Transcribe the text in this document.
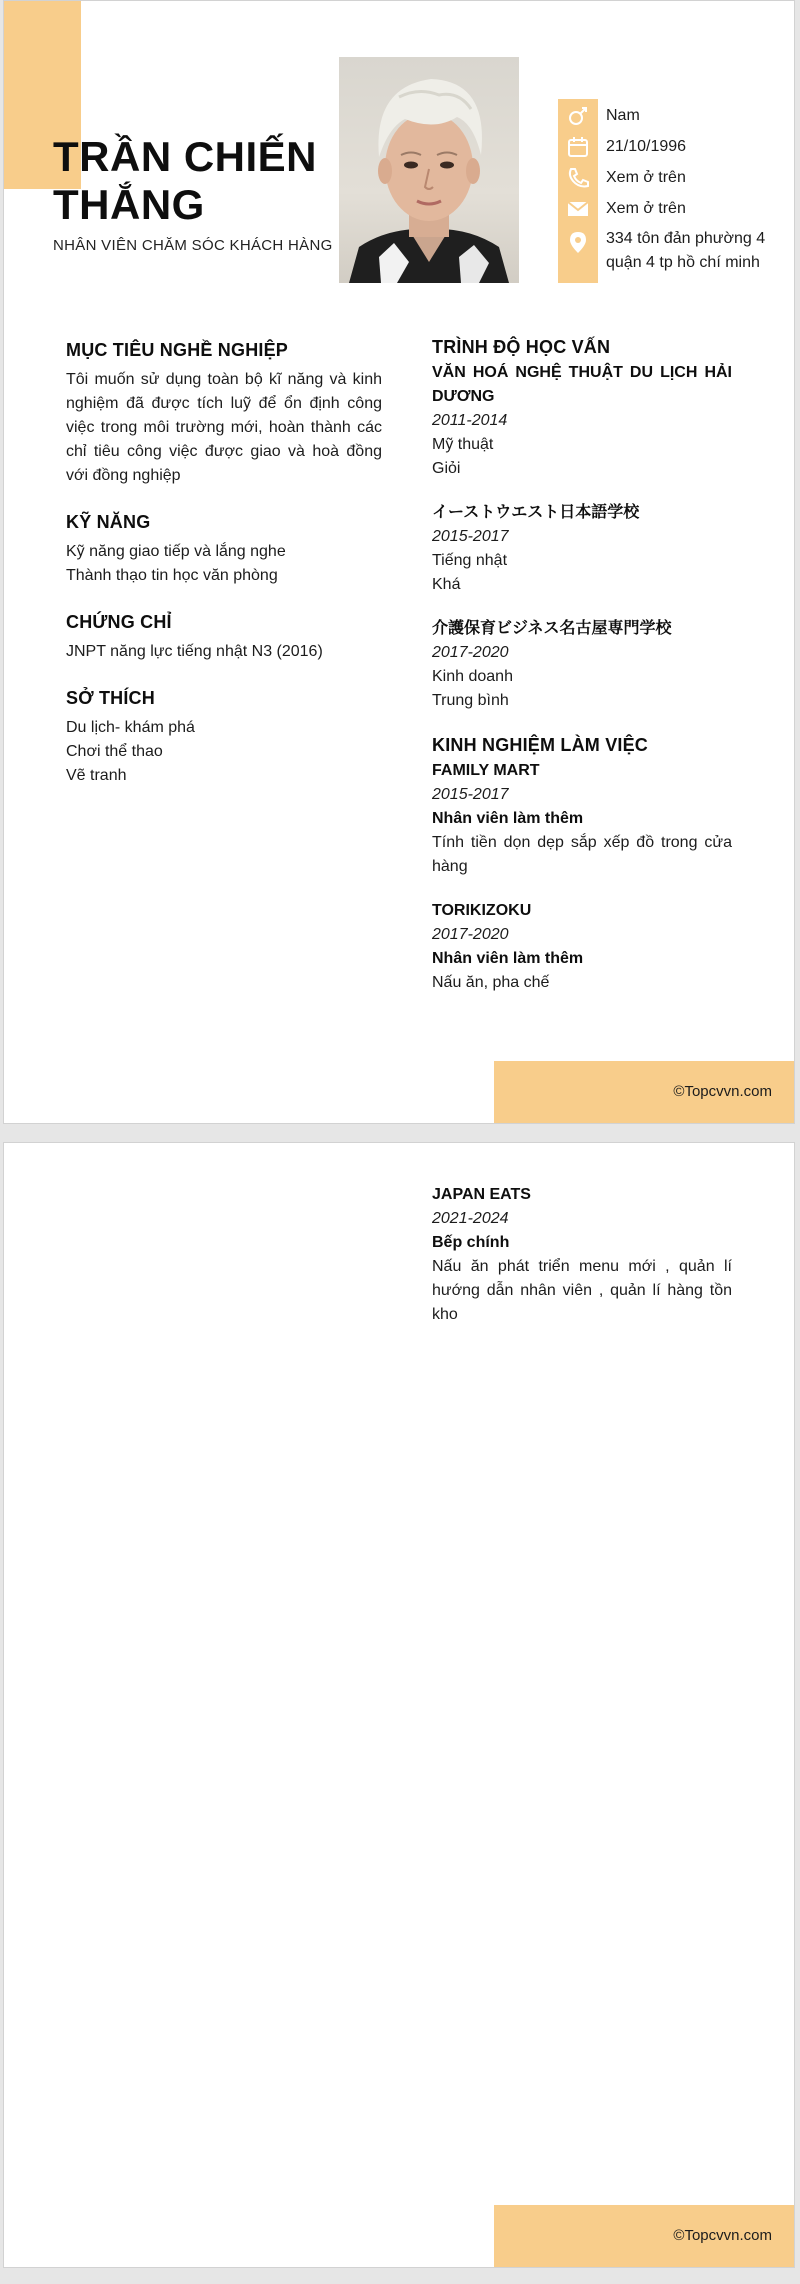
TRẦN CHIẾN THẮNG
NHÂN VIÊN CHĂM SÓC KHÁCH HÀNG
Nam
21/10/1996
Xem ở trên
Xem ở trên
334 tôn đản phường 4 quận 4 tp hồ chí minh
MỤC TIÊU NGHỀ NGHIỆP

Tôi muốn sử dụng toàn bộ kĩ năng và kinh nghiệm đã được tích luỹ để ổn định công việc trong môi trường mới, hoàn thành các chỉ tiêu công việc được giao và hoà đồng với đồng nghiệp

KỸ NĂNG

Kỹ năng giao tiếp và lắng nghe

Thành thạo tin học văn phòng

CHỨNG CHỈ

JNPT năng lực tiếng nhật N3 (2016)

SỞ THÍCH

Du lịch- khám phá

Chơi thể thao

Vẽ tranh

TRÌNH ĐỘ HỌC VẤN

VĂN HOÁ NGHỆ THUẬT DU LỊCH HẢI DƯƠNG

2011-2014

Mỹ thuật

Giỏi

イーストウエスト日本語学校

2015-2017

Tiếng nhật

Khá

介護保育ビジネス名古屋専門学校

2017-2020

Kinh doanh

Trung bình

KINH NGHIỆM LÀM VIỆC

FAMILY MART

2015-2017

Nhân viên làm thêm

Tính tiền dọn dẹp sắp xếp đồ trong cửa hàng

TORIKIZOKU

2017-2020

Nhân viên làm thêm

Nấu ăn, pha chế

©Topcvvn.com

JAPAN EATS

2021-2024

Bếp chính

Nấu ăn phát triển menu mới , quản lí hướng dẫn nhân viên , quản lí hàng tồn kho

©Topcvvn.com
